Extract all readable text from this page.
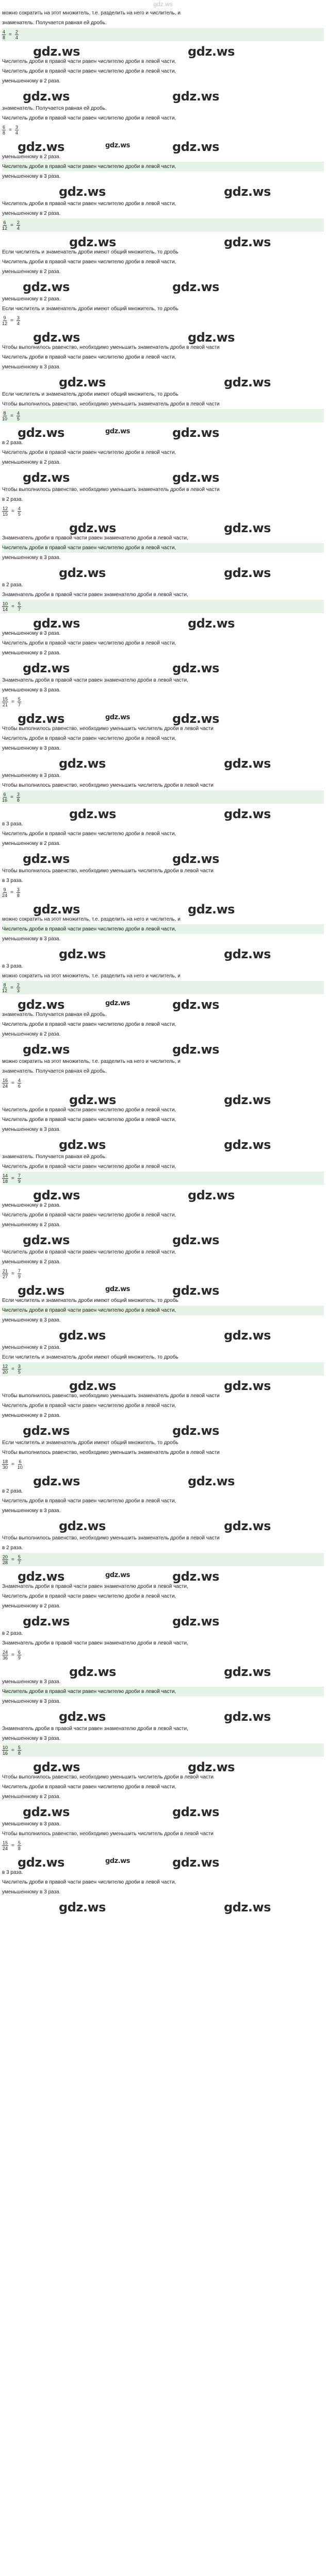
gdz.ws
можно сократить на этот множитель, т.е. разделить на него и числитель, и
знаменатель. Получается равная ей дробь.
$\frac{4}{8} = \frac{2}{4}$
gdz.ws	gdz.ws
Числитель дроби в правой части равен числителю дроби в левой части,
Числитель дроби в правой части равен числителю дроби в левой части,
уменьшенному в 2 раза.
gdz.ws	gdz.ws
знаменатель. Получается равная ей дробь.
Числитель дроби в правой части равен числителю дроби в левой части,
$\frac{6}{8} = \frac{3}{4}$
gdz.ws	gdz.ws
gdz.ws
уменьшенному в 2 раза.
Числитель дроби в правой части равен числителю дроби в левой части,
уменьшенному в 3 раза.
gdz.ws	gdz.ws
Числитель дроби в правой части равен числителю дроби в левой части,
уменьшенному в 2 раза.
$\frac{6}{12} = \frac{2}{4}$
gdz.ws	gdz.ws
Если числитель и знаменатель дроби имеют общий множитель, то дробь
Числитель дроби в правой части равен числителю дроби в левой части,
уменьшенному в 2 раза.
gdz.ws	gdz.ws
уменьшенному в 2 раза.
Если числитель и знаменатель дроби имеют общий множитель, то дробь
$\frac{9}{12} = \frac{3}{4}$
gdz.ws	gdz.ws
Чтобы выполнилось равенство, необходимо уменьшить знаменатель дроби в левой части
Числитель дроби в правой части равен числителю дроби в левой части,
уменьшенному в 3 раза.
gdz.ws	gdz.ws
Если числитель и знаменатель дроби имеют общий множитель, то дробь
Чтобы выполнилось равенство, необходимо уменьшить знаменатель дроби в левой части
$\frac{8}{10} = \frac{4}{5}$
gdz.ws	gdz.ws
gdz.ws
в 2 раза.
Числитель дроби в правой части равен числителю дроби в левой части,
уменьшенному в 2 раза.
gdz.ws	gdz.ws
Чтобы выполнилось равенство, необходимо уменьшить знаменатель дроби в левой части
в 2 раза.
$\frac{12}{15} = \frac{4}{5}$
gdz.ws	gdz.ws
Знаменатель дроби в правой части равен знаменателю дроби в левой части,
Числитель дроби в правой части равен числителю дроби в левой части,
уменьшенному в 3 раза.
gdz.ws	gdz.ws
в 2 раза.
Знаменатель дроби в правой части равен знаменателю дроби в левой части,
$\frac{10}{14} = \frac{5}{7}$
gdz.ws	gdz.ws
уменьшенному в 3 раза.
Числитель дроби в правой части равен числителю дроби в левой части,
уменьшенному в 2 раза.
gdz.ws	gdz.ws
Знаменатель дроби в правой части равен знаменателю дроби в левой части,
уменьшенному в 3 раза.
$\frac{15}{21} = \frac{5}{7}$
gdz.ws	gdz.ws
gdz.ws
Чтобы выполнилось равенство, необходимо уменьшить числитель дроби в левой части
Числитель дроби в правой части равен числителю дроби в левой части,
уменьшенному в 3 раза.
gdz.ws	gdz.ws
уменьшенному в 3 раза.
Чтобы выполнилось равенство, необходимо уменьшить числитель дроби в левой части
$\frac{6}{16} = \frac{3}{8}$
gdz.ws	gdz.ws
в 3 раза.
Числитель дроби в правой части равен числителю дроби в левой части,
уменьшенному в 2 раза.
gdz.ws	gdz.ws
Чтобы выполнилось равенство, необходимо уменьшить числитель дроби в левой части
в 3 раза.
$\frac{9}{24} = \frac{3}{8}$
gdz.ws	gdz.ws
можно сократить на этот множитель, т.е. разделить на него и числитель, и
Числитель дроби в правой части равен числителю дроби в левой части,
уменьшенному в 3 раза.
gdz.ws	gdz.ws
в 3 раза.
можно сократить на этот множитель, т.е. разделить на него и числитель, и
$\frac{8}{12} = \frac{2}{3}$
gdz.ws	gdz.ws
gdz.ws
знаменатель. Получается равная ей дробь.
Числитель дроби в правой части равен числителю дроби в левой части,
уменьшенному в 2 раза.
gdz.ws	gdz.ws
можно сократить на этот множитель, т.е. разделить на него и числитель, и
знаменатель. Получается равная ей дробь.
$\frac{16}{24} = \frac{4}{6}$
gdz.ws	gdz.ws
Числитель дроби в правой части равен числителю дроби в левой части,
Числитель дроби в правой части равен числителю дроби в левой части,
уменьшенному в 3 раза.
gdz.ws	gdz.ws
знаменатель. Получается равная ей дробь.
Числитель дроби в правой части равен числителю дроби в левой части,
$\frac{14}{18} = \frac{7}{9}$
gdz.ws	gdz.ws
уменьшенному в 2 раза.
Числитель дроби в правой части равен числителю дроби в левой части,
уменьшенному в 2 раза.
gdz.ws	gdz.ws
Числитель дроби в правой части равен числителю дроби в левой части,
уменьшенному в 2 раза.
$\frac{21}{27} = \frac{7}{9}$
gdz.ws	gdz.ws
gdz.ws
Если числитель и знаменатель дроби имеют общий множитель, то дробь
Числитель дроби в правой части равен числителю дроби в левой части,
уменьшенному в 3 раза.
gdz.ws	gdz.ws
уменьшенному в 2 раза.
Если числитель и знаменатель дроби имеют общий множитель, то дробь
$\frac{12}{20} = \frac{3}{5}$
gdz.ws	gdz.ws
Чтобы выполнилось равенство, необходимо уменьшить знаменатель дроби в левой части
Числитель дроби в правой части равен числителю дроби в левой части,
уменьшенному в 2 раза.
gdz.ws	gdz.ws
Если числитель и знаменатель дроби имеют общий множитель, то дробь
Чтобы выполнилось равенство, необходимо уменьшить знаменатель дроби в левой части
$\frac{18}{30} = \frac{6}{10}$
gdz.ws	gdz.ws
в 2 раза.
Числитель дроби в правой части равен числителю дроби в левой части,
уменьшенному в 3 раза.
gdz.ws	gdz.ws
Чтобы выполнилось равенство, необходимо уменьшить знаменатель дроби в левой части
в 2 раза.
$\frac{20}{28} = \frac{5}{7}$
gdz.ws	gdz.ws
gdz.ws
Знаменатель дроби в правой части равен знаменателю дроби в левой части,
Числитель дроби в правой части равен числителю дроби в левой части,
уменьшенному в 2 раза.
gdz.ws	gdz.ws
в 2 раза.
Знаменатель дроби в правой части равен знаменателю дроби в левой части,
$\frac{24}{36} = \frac{6}{9}$
gdz.ws	gdz.ws
уменьшенному в 3 раза.
Числитель дроби в правой части равен числителю дроби в левой части,
уменьшенному в 3 раза.
gdz.ws	gdz.ws
Знаменатель дроби в правой части равен знаменателю дроби в левой части,
уменьшенному в 3 раза.
$\frac{10}{16} = \frac{5}{8}$
gdz.ws	gdz.ws
Чтобы выполнилось равенство, необходимо уменьшить числитель дроби в левой части
Числитель дроби в правой части равен числителю дроби в левой части,
уменьшенному в 2 раза.
gdz.ws	gdz.ws
уменьшенному в 3 раза.
Чтобы выполнилось равенство, необходимо уменьшить числитель дроби в левой части
$\frac{15}{24} = \frac{5}{8}$
gdz.ws	gdz.ws
gdz.ws
в 3 раза.
Числитель дроби в правой части равен числителю дроби в левой части,
уменьшенному в 3 раза.
gdz.ws	gdz.ws
